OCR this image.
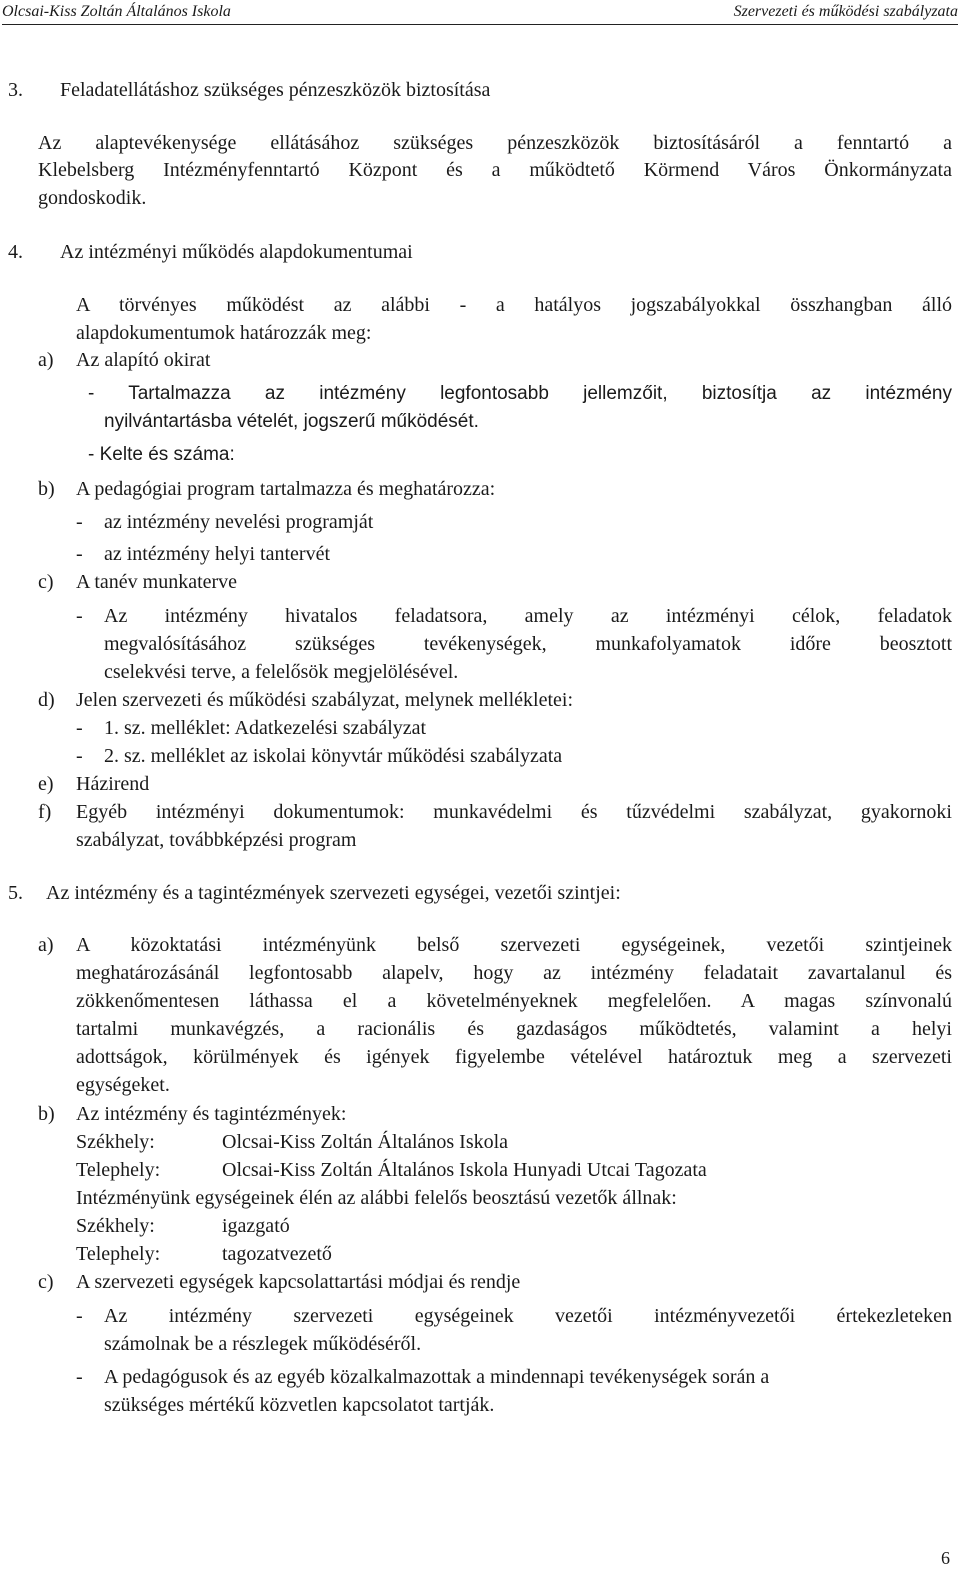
Olcsai-Kiss Zoltán Általános Iskola	Szervezeti és működési szabályzata
3. Feladatellátáshoz szükséges pénzeszközök biztosítása
Az alaptevékenysége ellátásához szükséges pénzeszközök biztosításáról a fenntartó a
Klebelsberg Intézményfenntartó Központ és a működtető Körmend Város Önkormányzata
gondoskodik.
4. Az intézményi működés alapdokumentumai
A törvényes működést az alábbi - a hatályos jogszabályokkal összhangban álló
alapdokumentumok határozzák meg:
a) Az alapító okirat
- Tartalmazza az intézmény legfontosabb jellemzőit, biztosítja az intézmény
nyilvántartásba vételét, jogszerű működését.
- Kelte és száma:
b) A pedagógiai program tartalmazza és meghatározza:
- az intézmény nevelési programját
- az intézmény helyi tantervét
c) A tanév munkaterve
- Az intézmény hivatalos feladatsora, amely az intézményi célok, feladatok
megvalósításához szükséges tevékenységek, munkafolyamatok időre beosztott
cselekvési terve, a felelősök megjelölésével.
d) Jelen szervezeti és működési szabályzat, melynek mellékletei:
- 1. sz. melléklet: Adatkezelési szabályzat
- 2. sz. melléklet az iskolai könyvtár működési szabályzata
e) Házirend
f) Egyéb intézményi dokumentumok: munkavédelmi és tűzvédelmi szabályzat, gyakornoki
szabályzat, továbbképzési program
5. Az intézmény és a tagintézmények szervezeti egységei, vezetői szintjei:
a) A közoktatási intézményünk belső szervezeti egységeinek, vezetői szintjeinek
meghatározásánál legfontosabb alapelv, hogy az intézmény feladatait zavartalanul és
zökkenőmentesen láthassa el a követelményeknek megfelelően. A magas színvonalú
tartalmi munkavégzés, a racionális és gazdaságos működtetés, valamint a helyi
adottságok, körülmények és igények figyelembe vételével határoztuk meg a szervezeti
egységeket.
b) Az intézmény és tagintézmények:
Székhely:	Olcsai-Kiss Zoltán Általános Iskola
Telephely:	Olcsai-Kiss Zoltán Általános Iskola Hunyadi Utcai Tagozata
Intézményünk egységeinek élén az alábbi felelős beosztású vezetők állnak:
Székhely:	igazgató
Telephely:	tagozatvezető
c) A szervezeti egységek kapcsolattartási módjai és rendje
- Az intézmény szervezeti egységeinek vezetői intézményvezetői értekezleteken
számolnak be a részlegek működéséről.
- A pedagógusok és az egyéb közalkalmazottak a mindennapi tevékenységek során a
szükséges mértékű közvetlen kapcsolatot tartják.
6
